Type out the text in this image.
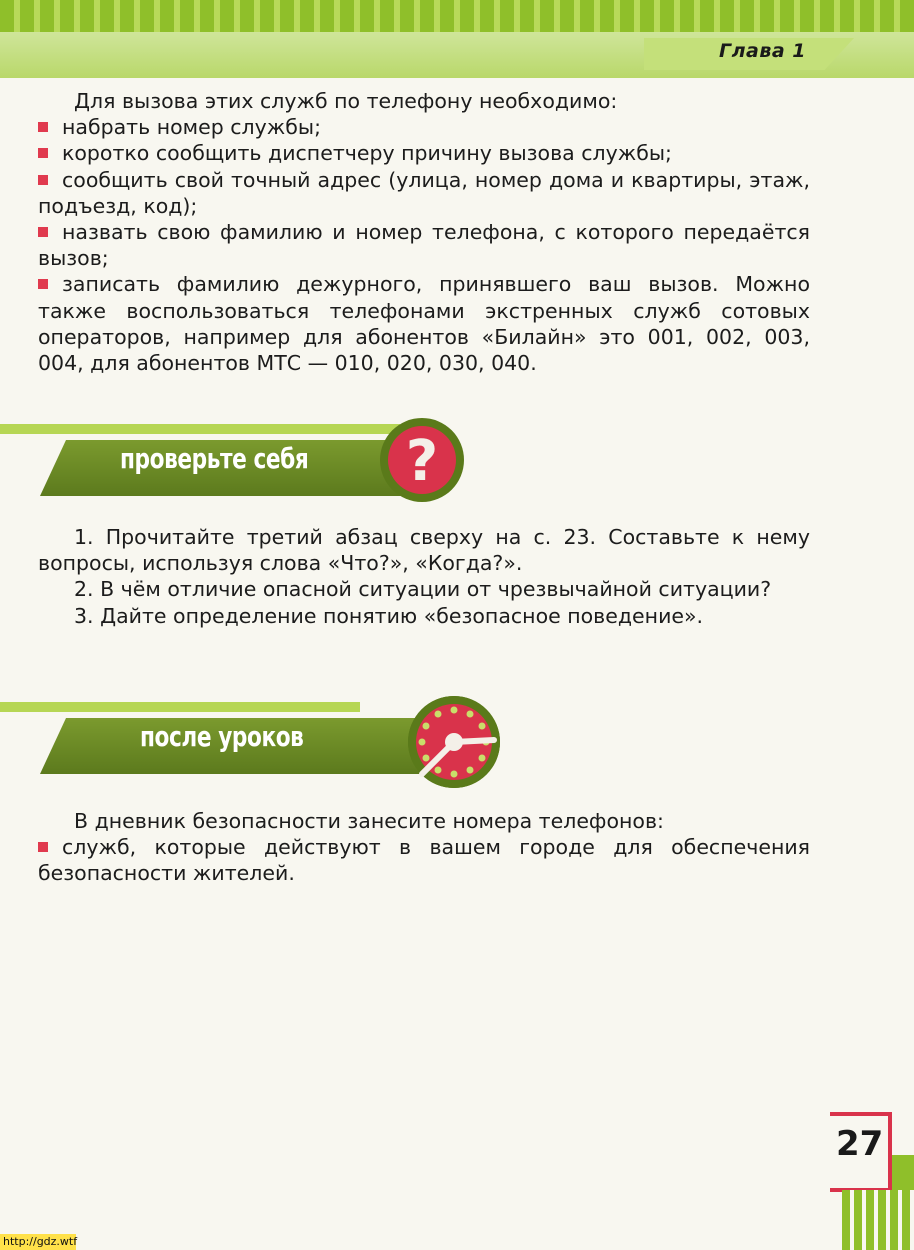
Глава 1

Для вызова этих служб по телефону необходимо:

набрать номер службы;

коротко сообщить диспетчеру причину вызова службы;

сообщить свой точный адрес (улица, номер дома и квартиры, этаж, подъезд, код);

назвать свою фамилию и номер телефона, с которого передаётся вызов;

записать фамилию дежурного, принявшего ваш вызов. Можно также воспользоваться телефонами экстренных служб сотовых операторов, например для абонентов «Билайн» это 001, 002, 003, 004, для абонентов МТС — 010, 020, 030, 040.

проверьте себя ?

1. Прочитайте третий абзац сверху на с. 23. Составьте к нему вопросы, используя слова «Что?», «Когда?».

2. В чём отличие опасной ситуации от чрезвычайной ситуации?

3. Дайте определение понятию «безопасное поведение».

после уроков

В дневник безопасности занесите номера телефонов:

служб, которые действуют в вашем городе для обеспечения безопасности жителей.

27
http://gdz.wtf
